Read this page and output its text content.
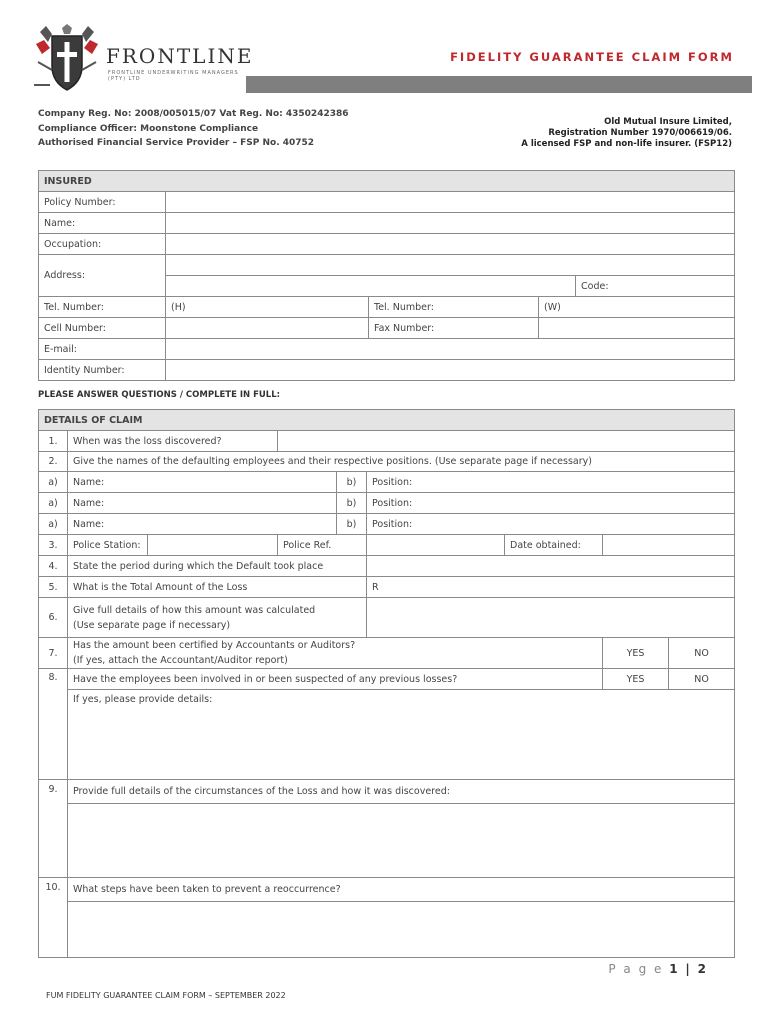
FRONTLINE
FRONTLINE UNDERWRITING MANAGERS (PTY) LTD
FIDELITY GUARANTEE CLAIM FORM
Company Reg. No: 2008/005015/07 Vat Reg. No: 4350242386
Compliance Officer: Moonstone Compliance
Authorised Financial Service Provider – FSP No. 40752
Old Mutual Insure Limited,
Registration Number 1970/006619/06.
A licensed FSP and non-life insurer. (FSP12)
INSURED				
Policy Number:				
Name:				
Occupation:				
Address:				
				Code:
Tel. Number:	(H)	Tel. Number:	(W)	
Cell Number:		Fax Number:		
E-mail:				
Identity Number:				
PLEASE ANSWER QUESTIONS / COMPLETE IN FULL:
DETAILS OF CLAIM								
1.	When was the loss discovered?							
2.	Give the names of the defaulting employees and their respective positions. (Use separate page if necessary)							
a)	Name:			b)	Position:			
a)	Name:			b)	Position:			
a)	Name:			b)	Position:			
3.	Police Station:		Police Ref.			Date obtained:		
4.	State the period during which the Default took place							
5.	What is the Total Amount of the Loss				R			
6.	Give full details of how this amount was calculated
(Use separate page if necessary)							

7.	Has the amount been certified by Accountants or Auditors?
(If yes, attach the Accountant/Auditor report)						YES	NO
8.	Have the employees been involved in or been suspected of any previous losses?						YES	NO
	If yes, please provide details:							
9.	Provide full details of the circumstances of the Loss and how it was discovered:							

10.	What steps have been taken to prevent a reoccurrence?							

P a g e 1 | 2
FUM FIDELITY GUARANTEE CLAIM FORM – SEPTEMBER 2022
